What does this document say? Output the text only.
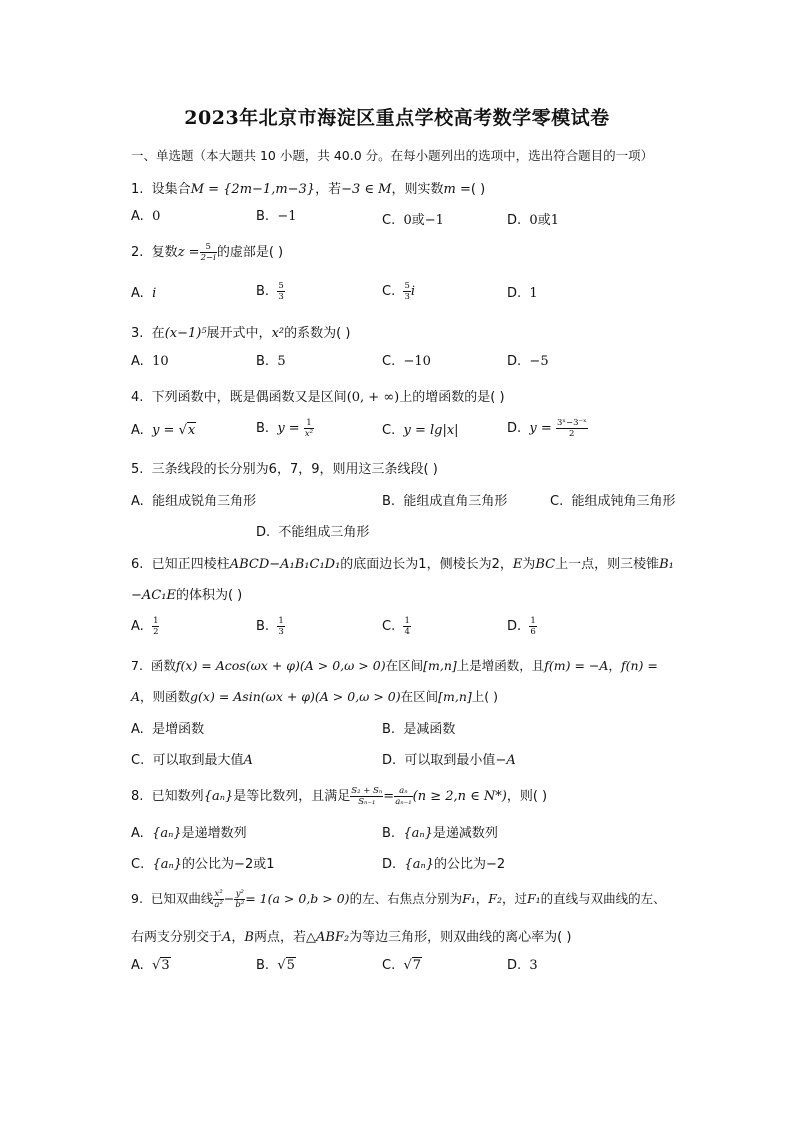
2023年北京市海淀区重点学校高考数学零模试卷
一、单选题（本大题共 10 小题，共 40.0 分。在每小题列出的选项中，选出符合题目的一项）
1. 设集合M = {2m−1,m−3}，若−3 ∈ M，则实数m =( )
A. 0	B. −1	C. 0或−1	D. 0或1
2. 复数$z = \frac{5}{2-i}$ 的虚部是( )
A. i	B. $\frac{5}{3}$	C. $\frac{5}{3}$ i	D. 1
3. 在(x−1)⁵展开式中，x²的系数为( )
A. 10	B. 5	C. −10	D. −5
4. 下列函数中，既是偶函数又是区间(0, + ∞)上的增函数的是( )
A. y = √x	B. $y = \frac{1}{\text{x²}}$	C. y = lg|x|	D. $y = \frac{\text{3ˣ−3⁻ˣ}}{2}$
5. 三条线段的长分别为6，7，9，则用这三条线段( )
A. 能组成锐角三角形	B. 能组成直角三角形	C. 能组成钝角三角形
D. 不能组成三角形
6. 已知正四棱柱ABCD−A₁B₁C₁D₁的底面边长为1，侧棱长为2，E为BC上一点，则三棱锥B₁
−AC₁E的体积为( )
A. $\frac{1}{2}$	B. $\frac{1}{3}$	C. $\frac{1}{4}$	D. $\frac{1}{6}$
7. 函数f(x) = Acos(ωx + φ)(A > 0,ω > 0)在区间[m,n]上是增函数，且f(m) = −A，f(n) =
A，则函数g(x) = Asin(ωx + φ)(A > 0,ω > 0)在区间[m,n]上( )
A. 是增函数	B. 是减函数
C. 可以取到最大值A	D. 可以取到最小值−A
8. 已知数列{aₙ}是等比数列，且满足 $\frac{\text{S₂ + Sₙ}}{\text{Sₙ₋₁}} = \frac{\text{aₙ}}{\text{aₙ₋₁}} (n \ge 2,n$ ∈ N*)，则( )
A. {aₙ}是递增数列	B. {aₙ}是递减数列
C. {aₙ}的公比为−2或1	D. {aₙ}的公比为−2
9. 已知双曲线 $\frac{\text{x²}}{\text{a²}} - \frac{\text{y²}}{\text{b²}} = 1(a > 0,b > 0)$的左、右焦点分别为F₁，F₂，过F₁的直线与双曲线的左、
右两支分别交于A，B两点，若△ABF₂为等边三角形，则双曲线的离心率为( )
A. √3	B. √5	C. √7	D. 3
